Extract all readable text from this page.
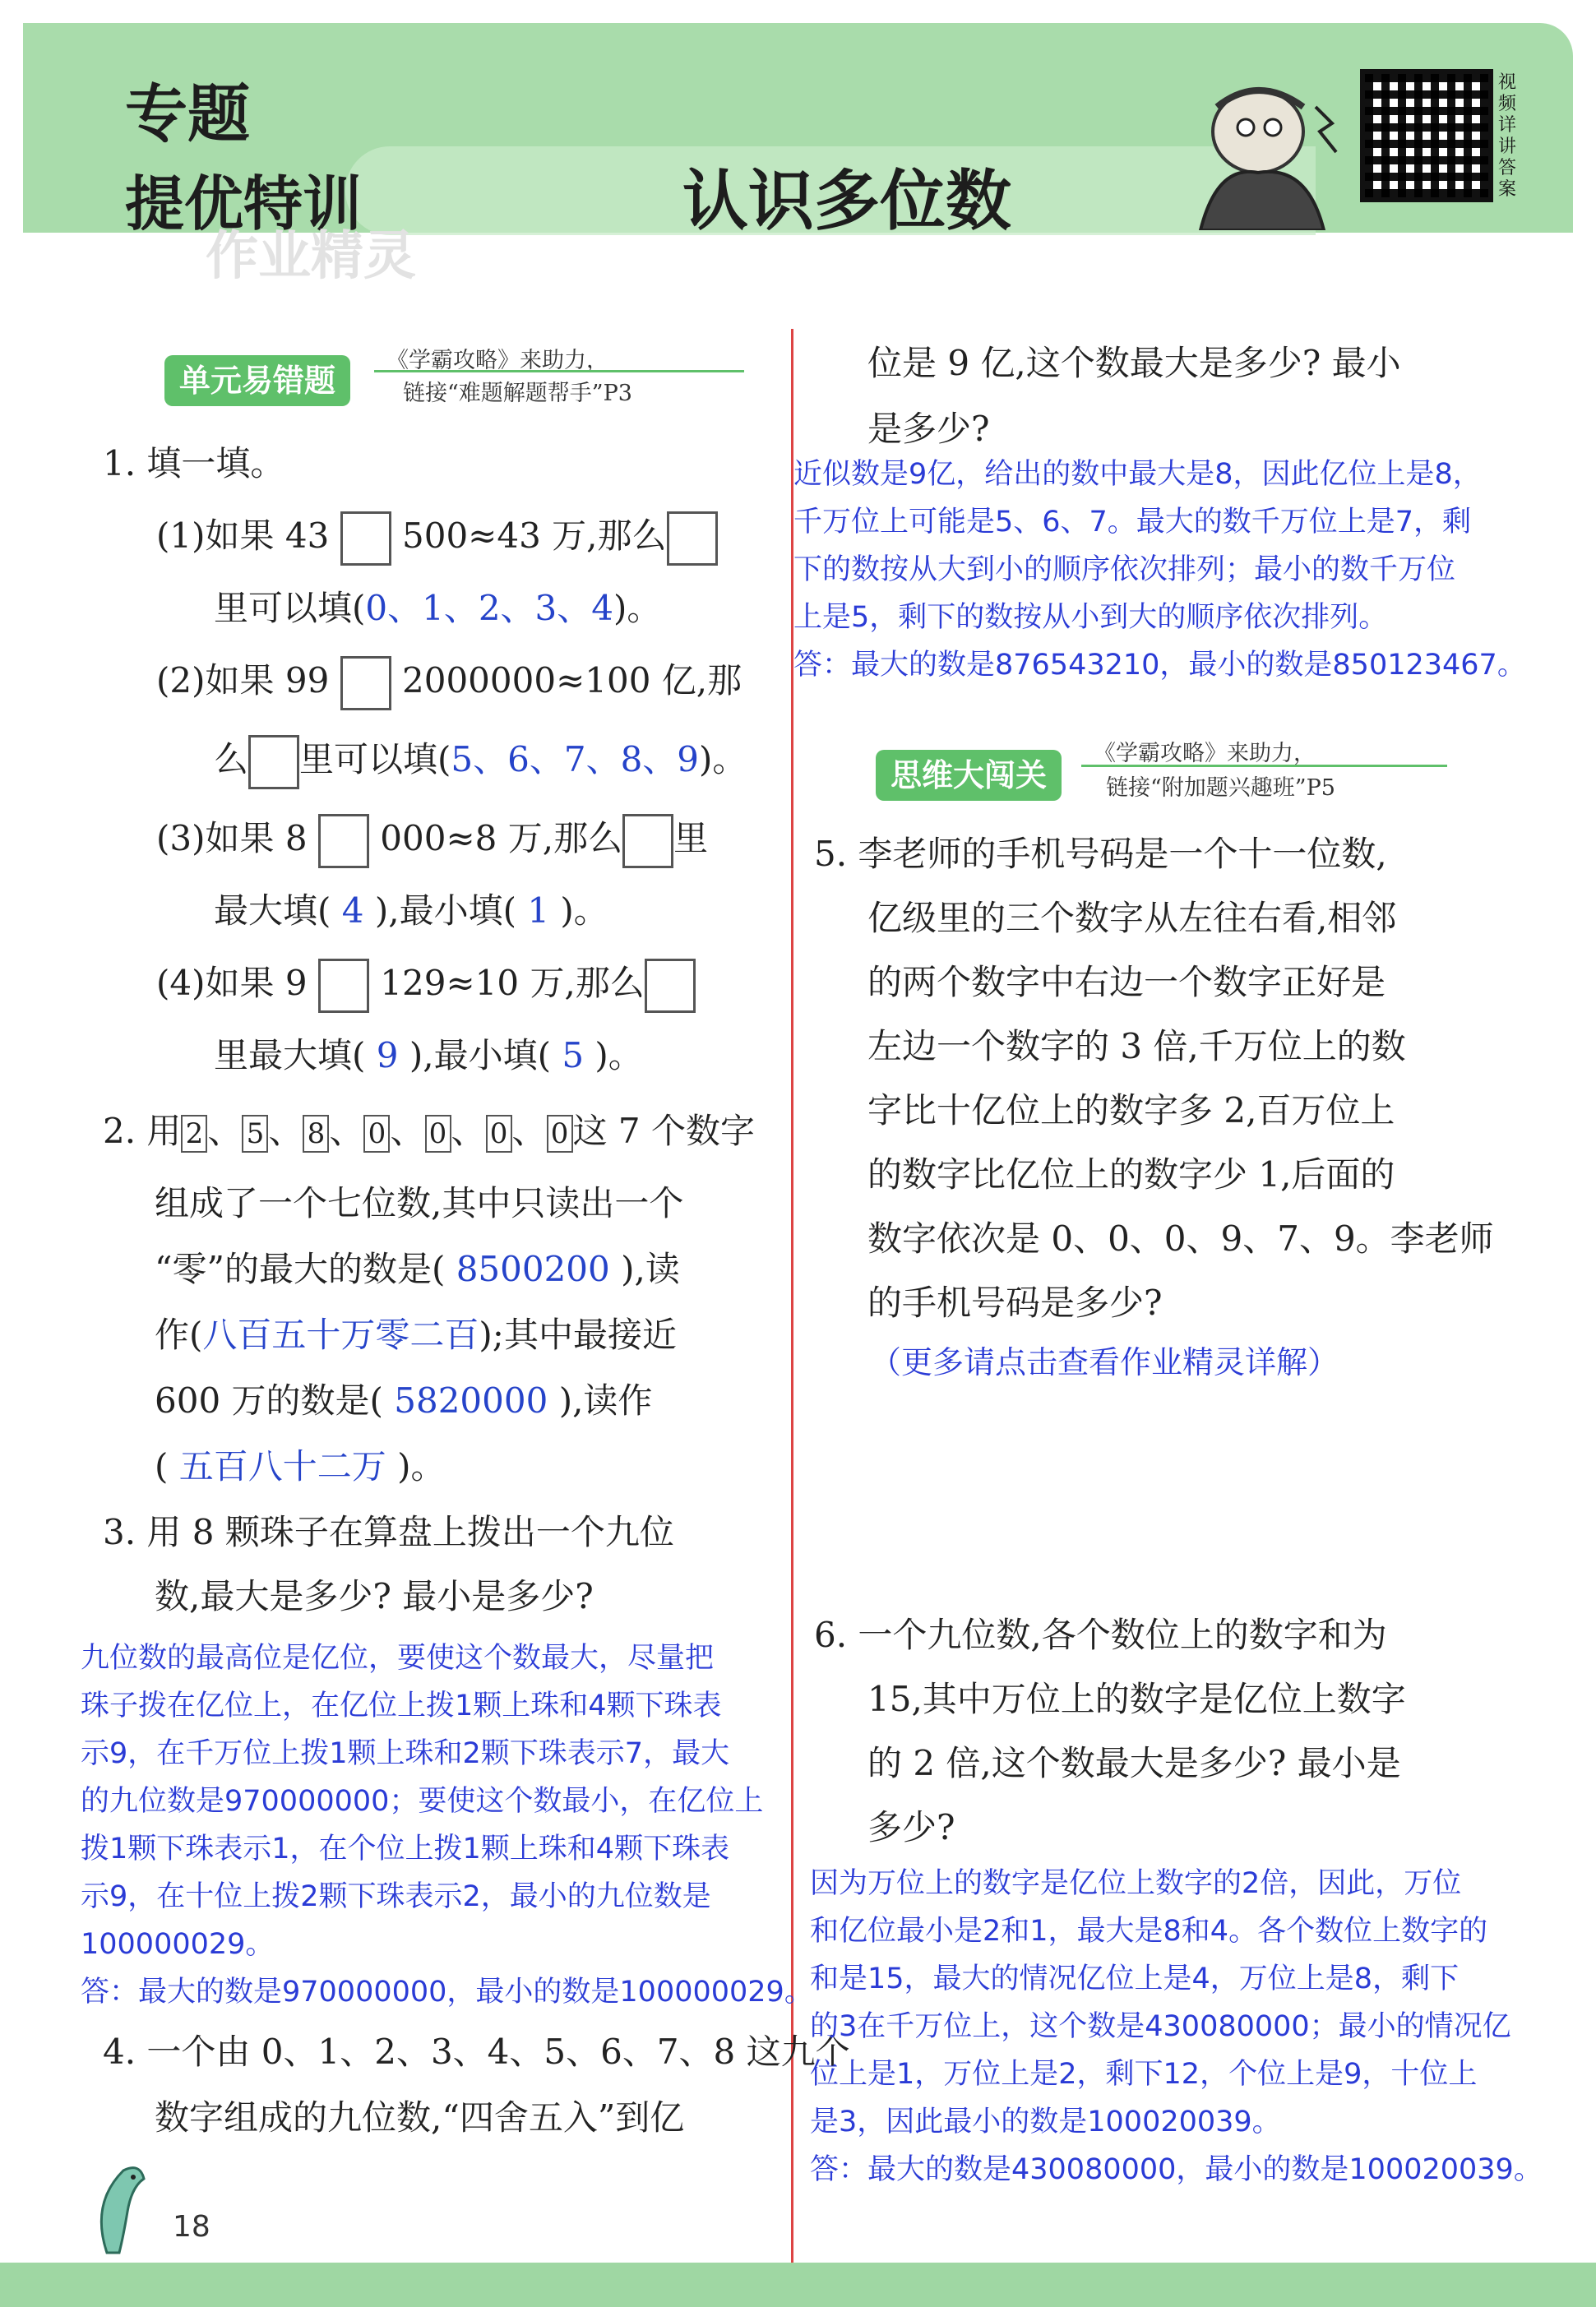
专题
提优特训	认识多位数
作业精灵
视频详讲答案
单元易错题
《学霸攻略》来助力，
链接“难题解题帮手”P3
1. 填一填。
(1)如果 43 500≈43 万,那么
里可以填(0、1、2、3、4)。
(2)如果 99 2000000≈100 亿,那
么 里可以填(5、6、7、8、9)。
(3)如果 8 000≈8 万,那么 里
最大填( 4 ),最小填( 1 )。
(4)如果 9 129≈10 万,那么
里最大填( 9 ),最小填( 5 )。
2. 用 2 、 5 、 8 、 0 、 0 、 0 、 0 这 7 个数字
组成了一个七位数,其中只读出一个
“零”的最大的数是( 8500200 ),读
作(八百五十万零二百);其中最接近
600 万的数是( 5820000 ),读作
( 五百八十二万 )。
3. 用 8 颗珠子在算盘上拨出一个九位
数,最大是多少? 最小是多少?
九位数的最高位是亿位，要使这个数最大，尽量把
珠子拨在亿位上，在亿位上拨1颗上珠和4颗下珠表
示9，在千万位上拨1颗上珠和2颗下珠表示7，最大
的九位数是970000000；要使这个数最小，在亿位上
拨1颗下珠表示1，在个位上拨1颗上珠和4颗下珠表
示9，在十位上拨2颗下珠表示2，最小的九位数是
100000029。
答：最大的数是970000000，最小的数是100000029。
4. 一个由 0、1、2、3、4、5、6、7、8 这九个
数字组成的九位数,“四舍五入”到亿
位是 9 亿,这个数最大是多少? 最小
是多少?
近似数是9亿，给出的数中最大是8，因此亿位上是8，
千万位上可能是5、6、7。最大的数千万位上是7，剩
下的数按从大到小的顺序依次排列；最小的数千万位
上是5，剩下的数按从小到大的顺序依次排列。
答：最大的数是876543210，最小的数是850123467。
思维大闯关
《学霸攻略》来助力，
链接“附加题兴趣班”P5
5. 李老师的手机号码是一个十一位数,
亿级里的三个数字从左往右看,相邻
的两个数字中右边一个数字正好是
左边一个数字的 3 倍,千万位上的数
字比十亿位上的数字多 2,百万位上
的数字比亿位上的数字少 1,后面的
数字依次是 0、0、0、9、7、9。李老师
的手机号码是多少?
（更多请点击查看作业精灵详解）
6. 一个九位数,各个数位上的数字和为
15,其中万位上的数字是亿位上数字
的 2 倍,这个数最大是多少? 最小是
多少?
因为万位上的数字是亿位上数字的2倍，因此，万位
和亿位最小是2和1，最大是8和4。各个数位上数字的
和是15，最大的情况亿位上是4，万位上是8，剩下
的3在千万位上，这个数是430080000；最小的情况亿
位上是1，万位上是2，剩下12，个位上是9，十位上
是3，因此最小的数是100020039。
答：最大的数是430080000，最小的数是100020039。
18
